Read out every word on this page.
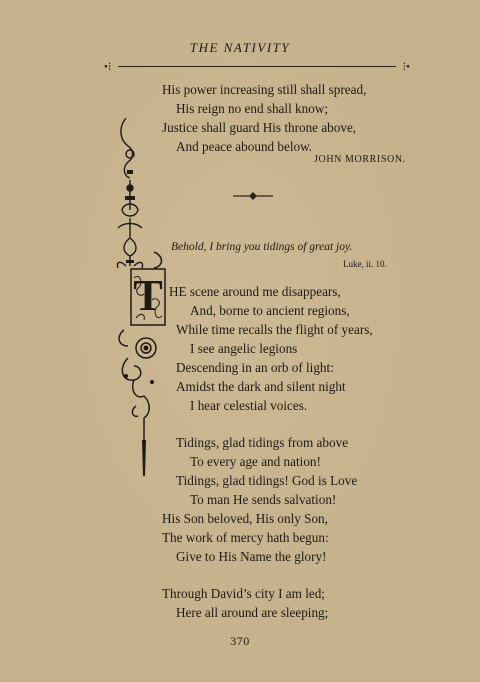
THE NATIVITY
•⁝	⁝•
His power increasing still shall spread,
His reign no end shall know;
Justice shall guard His throne above,
And peace abound below.
JOHN MORRISON.
Behold, I bring you tidings of great joy.
Luke, ii. 10.
T HE scene around me disappears,
And, borne to ancient regions,
While time recalls the flight of years,
I see angelic legions
Descending in an orb of light:
Amidst the dark and silent night
I hear celestial voices.
Tidings, glad tidings from above
To every age and nation!
Tidings, glad tidings! God is Love
To man He sends salvation!
His Son beloved, His only Son,
The work of mercy hath begun:
Give to His Name the glory!
Through David’s city I am led;
Here all around are sleeping;
370
